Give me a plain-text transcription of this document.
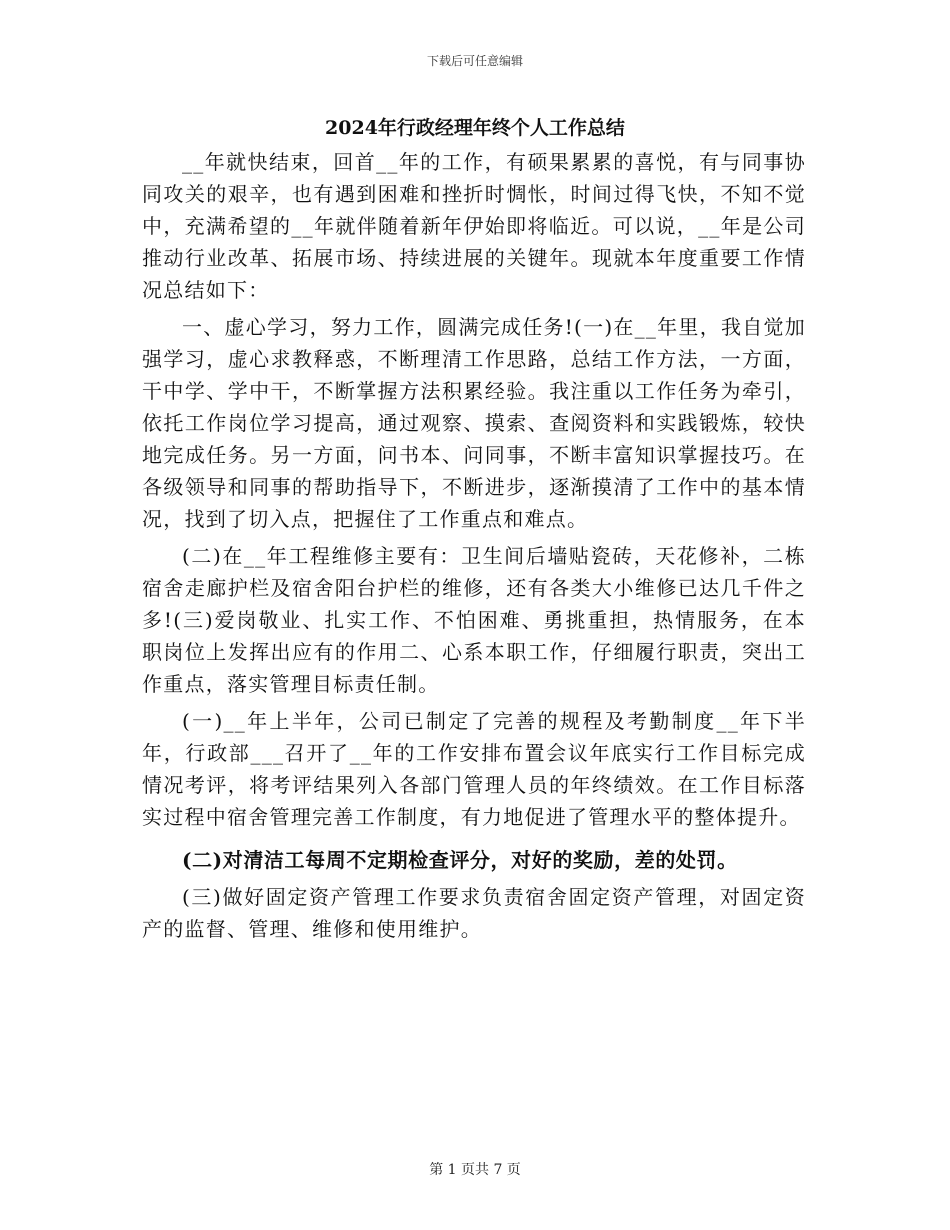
下载后可任意编辑
2024年行政经理年终个人工作总结

__年就快结束，回首__年的工作，有硕果累累的喜悦，有与同事协同攻关的艰辛，也有遇到困难和挫折时惆怅，时间过得飞快，不知不觉中，充满希望的__年就伴随着新年伊始即将临近。可以说，__年是公司推动行业改革、拓展市场、持续进展的关键年。现就本年度重要工作情况总结如下：

一、虚心学习，努力工作，圆满完成任务!(一)在__年里，我自觉加强学习，虚心求教释惑，不断理清工作思路，总结工作方法，一方面，干中学、学中干，不断掌握方法积累经验。我注重以工作任务为牵引，依托工作岗位学习提高，通过观察、摸索、查阅资料和实践锻炼，较快地完成任务。另一方面，问书本、问同事，不断丰富知识掌握技巧。在各级领导和同事的帮助指导下，不断进步，逐渐摸清了工作中的基本情况，找到了切入点，把握住了工作重点和难点。

(二)在__年工程维修主要有：卫生间后墙贴瓷砖，天花修补，二栋宿舍走廊护栏及宿舍阳台护栏的维修，还有各类大小维修已达几千件之多!(三)爱岗敬业、扎实工作、不怕困难、勇挑重担，热情服务，在本职岗位上发挥出应有的作用二、心系本职工作，仔细履行职责，突出工作重点，落实管理目标责任制。

(一)__年上半年，公司已制定了完善的规程及考勤制度__年下半年，行政部___召开了__年的工作安排布置会议年底实行工作目标完成情况考评，将考评结果列入各部门管理人员的年终绩效。在工作目标落实过程中宿舍管理完善工作制度，有力地促进了管理水平的整体提升。

(二)对清洁工每周不定期检查评分，对好的奖励，差的处罚。

(三)做好固定资产管理工作要求负责宿舍固定资产管理，对固定资产的监督、管理、维修和使用维护。

第 1 页共 7 页
